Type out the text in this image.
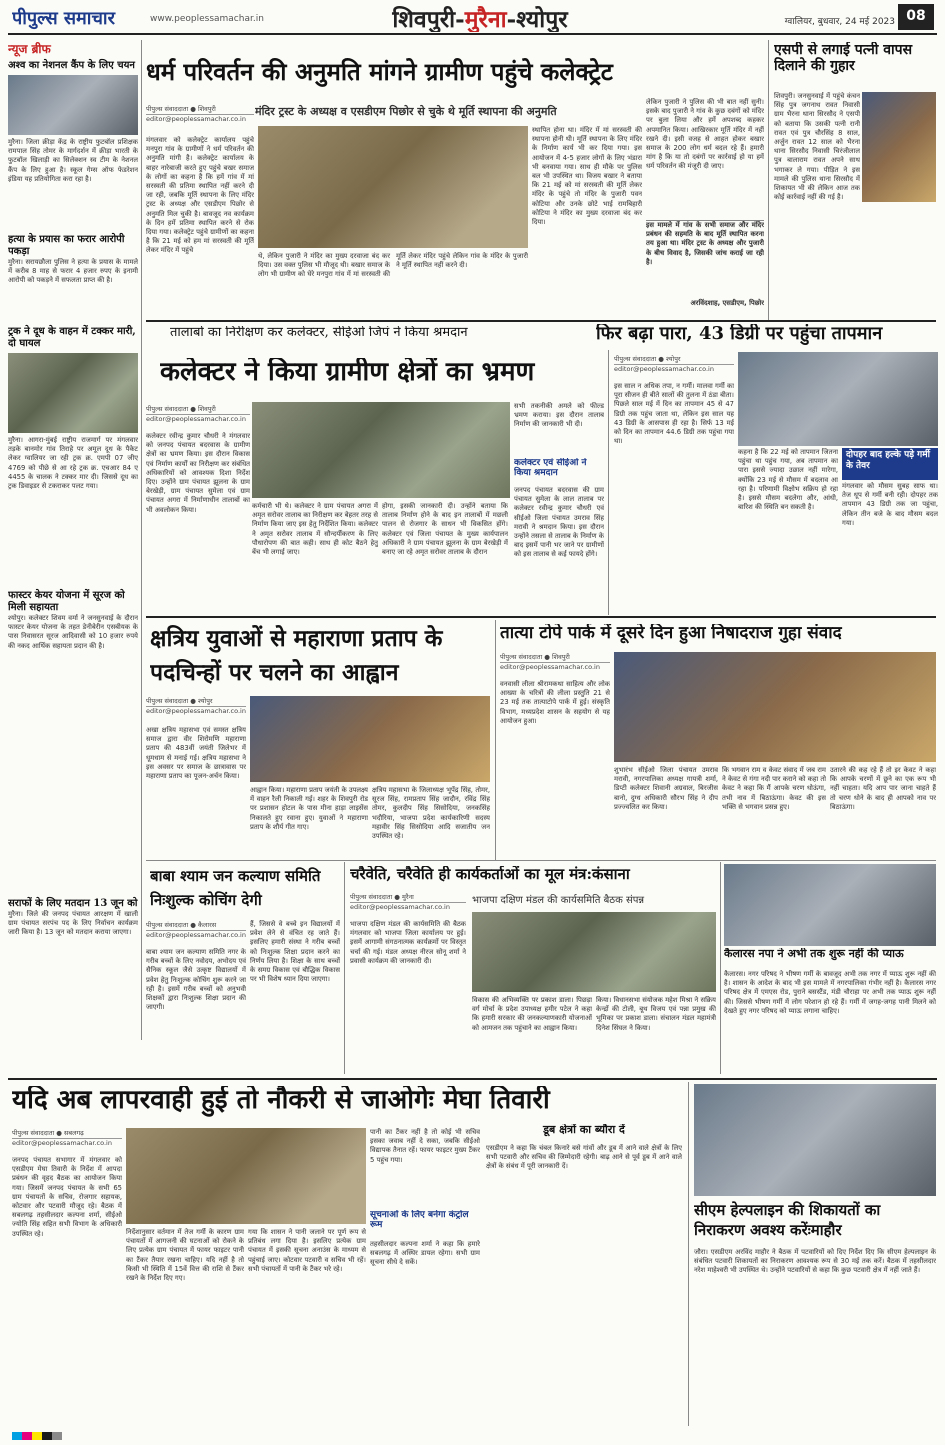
पीपुल्स समाचार	www.peoplessamachar.in	शिवपुरी-मुरैना-श्योपुर	ग्वालियर, बुधवार, 24 मई 2023 08
न्यूज ब्रीफ
अश्व का नेशनल कैंप के लिए चयन
मुरैना। जिला क्रीड़ा केंद्र के राष्ट्रीय फुटबॉल प्रशिक्षक रामपाल सिंह तोमर के मार्गदर्शन में क्रीड़ा भारती के फुटबॉल खिलाड़ी का सिलेक्शन स्व टीम के नेशनल कैंप के लिए हुआ है। स्कूल गेम्स ऑफ फेडरेशन इंडिया यह प्रतियोगिता करा रहा है।
हत्या के प्रयास का फरार आरोपी पकड़ा
मुरैना। सरायछौला पुलिस ने हत्या के प्रयास के मामले में करीब 8 माह से फरार 4 हजार रुपए के इनामी आरोपी को पकड़ने में सफलता प्राप्त की है।
ट्रक ने दूध के वाहन में टक्कर मारी, दो घायल
मुरैना। आगरा-मुंबई राष्ट्रीय राजमार्ग पर मंगलवार तड़के बानमोर गांव तिराहे पर अमूल दूध के पैकेट लेकर ग्वालियर जा रही ट्रक क्र. एमपी 07 जीए 4769 को पीछे से आ रहे ट्रक क्र. एचआर 84 ए 4455 के चालक ने टक्कर मार दी। जिससे दूध का ट्रक डिवाइडर से टकराकर पलट गया।
फास्टर केयर योजना में सूरज को मिली सहायता
श्योपुर। कलेक्टर शिवम वर्मा ने जनसुनवाई के दौरान फास्टर केयर योजना के तहत डेनीबेरीन एसबीयक के पास निवासरत सूरज आदिवासी को 10 हजार रुपये की नकद आर्थिक सहायता प्रदान की है।
सराफों के लिए मतदान 13 जून को
मुरैना। जिले की जनपद पंचायत आरक्षण में खाली ग्राम पंचायत सरपंच पद के लिए निर्वाचन कार्यक्रम जारी किया है। 13 जून को मतदान कराया जाएगा।
धर्म परिवर्तन की अनुमति मांगने ग्रामीण पहुंचे कलेक्ट्रेट
मंदिर ट्रस्ट के अध्यक्ष व एसडीएम पिछोर से चुके थे मूर्ति स्थापना की अनुमति
पीपुल्स संवाददाता ● शिवपुरी
editor@peoplessamachar.co.in
मंगलवार को कलेक्ट्रेट कार्यालय पहुंचे मनपुरा गांव के ग्रामीणों ने धर्म परिवर्तन की अनुमति मांगी है। कलेक्ट्रेट कार्यालय के बाहर नारेबाजी करते हुए पहुंचे बखर समाज के लोगों का कहना है कि हमें गांव में मां सरस्वती की प्रतिमा स्थापित नहीं करने दी जा रही, जबकि मूर्ति स्थापना के लिए मंदिर ट्रस्ट के अध्यक्ष और एसडीएम पिछोर से अनुमति मिल चुकी है। बावजूद नव कार्यक्रम के दिन हमें प्रतिमा स्थापित करने से रोक दिया गया। कलेक्ट्रेट पहुंचे ग्रामीणों का कहना है कि 21 मई को हम मां सरस्वती की मूर्ति लेकर मंदिर में पहुंचे
थे, लेकिन पुजारी ने मंदिर का मुख्य दरवाजा बंद कर दिया। उस वक्त पुलिस भी मौजूद थी। बखार समाज के लोग भी ग्रामीण को घेरे मनपुरा गांव में मां सरस्वती की मूर्ति लेकर मंदिर पहुंचे लेकिन गांव के मंदिर के पुजारी ने मूर्ति स्थापित नहीं करने दी।
स्थापित होना था। मंदिर में मां सरस्वती की स्थापना होनी थी। मूर्ति स्थापना के लिए मंदिर के निर्माण कार्य भी कर दिया गया। इस आयोजन में 4-5 हजार लोगों के लिए भंडारा भी बनवाया गया। साथ ही मौके पर पुलिस बल भी उपस्थित था। विजय बखार ने बताया कि 21 मई को मां सरस्वती की मूर्ति लेकर मंदिर के पहुंचे तो मंदिर के पुजारी पवन कोटिया और उनके छोटे भाई रामबिहारी कोटिया ने मंदिर का मुख्य दरवाजा बंद कर दिया।
लेकिन पुजारी ने पुलिस की भी बात नहीं सुनी। इसके बाद पुजारी ने गांव के कुछ दबंगों को मंदिर पर बुला लिया और हमें अपशब्द कहकर अपमानित किया। आखिरकार मूर्ति मंदिर में नहीं रखने दी। इसी वजह से आहत होकर बखार समाज के 200 लोग धर्म बदल रहे हैं। हमारी मांग है कि या तो दबंगों पर कार्रवाई हो या हमें धर्म परिवर्तन की मंजूरी दी जाए।
इस मामले में गांव के सभी समाज और मंदिर प्रबंधन की सहमति के बाद मूर्ति स्थापित करना तय हुआ था। मंदिर ट्रस्ट के अध्यक्ष और पुजारी के बीच विवाद है, जिसकी जांच कराई जा रही है।
अरविंदशाह, एसडीएम, पिछोर
एसपी से लगाई पत्नी वापस दिलाने की गुहार
शिवपुरी। जनसुनवाई में पहुंचे कंचन सिंह पुत्र जगनाथ रावत निवासी ग्राम भैरना थाना सिरसौद ने एसपी को बताया कि उसकी पत्नी रानी रावत एवं पुत्र चौरसिंह 8 साल, अर्जुन रावत 12 साल को भैरना थाना सिरसौद निवासी चिरंजीलाल पुत्र बालाराम रावत अपने साथ भगाकर ले गया। पीड़ित ने इस मामले की पुलिस थाना सिरसौद में शिकायत भी की लेकिन आज तक कोई कार्रवाई नहीं की गई है।
तालाबों का निरीक्षण कर कलेक्टर, सीईओ जिपं ने किया श्रमदान	फिर बढ़ा पारा, 43 डिग्री पर पहुंचा तापमान
कलेक्टर ने किया ग्रामीण क्षेत्रों का भ्रमण
पीपुल्स संवाददाता ● शिवपुरी
editor@peoplessamachar.co.in
कलेक्टर रवीन्द्र कुमार चौधरी ने मंगलवार को जनपद पंचायत बदरवास के ग्रामीण क्षेत्रों का भ्रमण किया। इस दौरान विकास एवं निर्माण कार्यों का निरीक्षण कर संबंधित अधिकारियों को आवश्यक दिशा निर्देश दिए। उन्होंने ग्राम पंचायत झूलना के ग्राम बेरखेड़ी, ग्राम पंचायत सुमेला एवं ग्राम पंचायत अगरा में निर्माणाधीन तालाबों का भी अवलोकन किया।	कर्मचारी भी थे। कलेक्टर ने ग्राम पंचायत अगरा में अमृत सरोवर तालाब का निरीक्षण कर बेहतर तरह से निर्माण किया जाए इस हेतु निर्देशित किया। कलेक्टर ने अमृत सरोवर तालाब में सौन्दर्यीकरण के लिए पौधारोपण की बात कही। साथ ही कोट बैठने हेतु बेंच भी लगाई जाए।
होगा, इसकी जानकारी दी। उन्होंने बताया कि तालाब निर्माण होने के बाद इन तालाबों में मछली पालन से रोजगार के साधन भी विकसित होंगे। कलेक्टर एवं जिला पंचायत के मुख्य कार्यपालन अधिकारी ने ग्राम पंचायत झूलना के ग्राम बेरखेड़ी में बनाए जा रहे अमृत सरोवर तालाब के दौरान
सभी तकनीकी अमले को फील्ड भ्रमण कराया। इस दौरान तालाब निर्माण की जानकारी भी दी।
कलेक्टर एवं सीईओ ने किया श्रमदान
जनपद पंचायत बदरवास की ग्राम पंचायत सुमेला के लाल तालाब पर कलेक्टर रवीन्द्र कुमार चौधरी एवं सीईओ जिला पंचायत उमराव सिंह मरावी ने श्रमदान किया। इस दौरान उन्होंने तसला से तालाब के निर्माण के बाद इसमें पानी भर जाने पर ग्रामीणों को इस तालाब से कई फायदे होंगे।
पीपुल्स संवाददाता ● श्योपुर
editor@peoplessamachar.co.in
इस साल न अधिक तपा, न गर्मी। मालवा गर्मी का पूरा सीजन ही बीते सालों की तुलना में ठंडा बीता। पिछले साल मई में दिन का तापमान 45 से 47 डिग्री तक पहुंच जाता था, लेकिन इस साल यह 43 डिग्री के आसपास ही रहा है। सिर्फ 13 मई को दिन का तापमान 44.6 डिग्री तक पहुंचा गया था।
कहना है कि 22 मई को तापमान जितना पहुंचा था पहुंच गया, अब तापमान का पारा इससे ज्यादा उछाल नहीं मारेगा, क्योंकि 23 मई से मौसम में बदलाव आ रहा है। परिणामी विक्षोभ सक्रिय हो रहा है। इससे मौसम बदलेगा और, आंधी, बारिश की स्थिति बन सकती है।
दोपहर बाद हल्के पड़े गर्मी के तेवर
मंगलवार को मौसम सुबह साफ था। तेज धूप से गर्मी बनी रही। दोपहर तक तापमान 43 डिग्री तक जा पहुंचा, लेकिन तीन बजे के बाद मौसम बदल गया।
क्षत्रिय युवाओं से महाराणा प्रताप के पदचिन्हों पर चलने का आह्वान
पीपुल्स संवाददाता ● श्योपुर
editor@peoplessamachar.co.in
अखा क्षत्रिय महासभा एवं समस्त क्षत्रिय समाज द्वारा वीर शिरोमणि महाराणा प्रताप की 483वीं जयंती जिलेभर में धूमधाम से मनाई गई। क्षत्रिय महासभा ने इस अवसर पर समाज के छात्रावास पर महाराणा प्रताप का पूजन-अर्चन किया।
आह्वान किया। महाराणा प्रताप जयंती के उपलक्ष्य में वाहन रैली निकाली गई। शहर के शिवपुरी रोड पर प्रशासन होटल के पास मीना हाड़ा लाइसेंस निकालते हुए रवाना हुए। युवाओं ने महाराणा प्रताप के शौर्य गीत गाए।
क्षत्रिय महासभा के जिलाध्यक्ष भूपेंद्र सिंह, तोमर, सूरज सिंह, रामप्रताप सिंह जादौन, रविंद्र सिंह तोमर, कुलदीप सिंह सिसोदिया, जनकसिंह भदौरिया, भाजपा प्रदेश कार्यकारिणी सदस्य महावीर सिंह सिसोदिया आदि सजातीय जन उपस्थित रहे।
तात्या टोपे पार्क में दूसरे दिन हुआ निषादराज गुहा संवाद
पीपुल्स संवाददाता ● शिवपुरी
editor@peoplessamachar.co.in
वनवासी लीला श्रीरामकथा साहित्य और लोक आख्या के चरित्रों की लीला प्रस्तुति 21 से 23 मई तक तात्याटोपे पार्क में हुई। संस्कृति विभाग, मध्यप्रदेश शासन के सहयोग से यह आयोजन हुआ।
शुभारंभ सीईओ जिला पंचायत उमराव मरावी, नगरपालिका अध्यक्ष गायत्री शर्मा, डिप्टी कलेक्टर शिवानी अग्रवाल, बिरजीस बानो, दुग्ध अधिकारी सौरभ सिंह ने दीप प्रज्ज्वलित कर किया।
कि भगवान राम व केवट संवाद में जब राम ने केवट से गंगा नदी पार कराने को कहा तो केवट ने कहा कि मैं आपके चरण धोऊंगा, तभी नाव में बिठाऊंगा। केवट की इस भक्ति से भगवान प्रसन्न हुए।
उतारने की कह रहे हैं तो इर केवट ने कहा कि आपके चरणों में छूने का एक रूप भी नहीं चाहता। यदि आप पार जाना चाहते हैं तो चरण धोने के बाद ही आपको नाव पर बिठाऊंगा।
बाबा श्याम जन कल्याण समिति निःशुल्क कोचिंग देगी
पीपुल्स संवाददाता ● कैलारस
editor@peoplessamachar.co.in
बाबा श्याम जन कल्याण समिति नगर के गरीब बच्चों के लिए नवोदय, अभोदय एवं सैनिक स्कूल जैसे उत्कृष्ट विद्यालयों में प्रवेश हेतु निःशुल्क कोचिंग शुरू करने जा रही है। इसमें गरीब बच्चों को अनुभवी शिक्षकों द्वारा निःशुल्क शिक्षा प्रदान की जाएगी।
हैं, जिससे वे बच्चे इन विद्यालयों में प्रवेश लेने से वंचित रह जाते हैं। इसलिए हमारी संस्था ने गरीब बच्चों को निःशुल्क शिक्षा प्रदान करने का निर्णय लिया है। शिक्षा के साथ बच्चों के समग्र विकास एवं बौद्धिक विकास पर भी विशेष ध्यान दिया जाएगा।
चरैवेति, चरैवेति ही कार्यकर्ताओं का मूल मंत्र:कंसाना
पीपुल्स संवाददाता ● मुरैना
editor@peoplessamachar.co.in
भाजपा दक्षिण मंडल की कार्यसमिति बैठक संपन्न
भाजपा दक्षिण मंडल की कार्यसमिति की बैठक मंगलवार को भाजपा जिला कार्यालय पर हुई। इसमें आगामी संगठनात्मक कार्यक्रमों पर विस्तृत चर्चा की गई। मंडल अध्यक्ष नीरज सोनू शर्मा ने प्रवासी कार्यक्रम की जानकारी दी।
विकास की अभिव्यक्ति पर प्रकाश डाला। पिछड़ा वर्ग मोर्चा के प्रदेश उपाध्यक्ष हमीर पटेल ने कहा कि हमारी सरकार की जनकल्याणकारी योजनाओं को आमजन तक पहुंचाने का आह्वान किया।
किया। विधानसभा संयोजक महेश मिश्रा ने सक्रिय केन्द्रों की टोली, बूथ विजय एवं पन्ना प्रमुख की भूमिका पर प्रकाश डाला। संचालन मंडल महामंत्री दिनेश सिंघल ने किया।
कैलारस नपा ने अभी तक शुरू नहीं की प्याऊ
कैलारस। नगर परिषद ने भीषण गर्मी के बावजूद अभी तक नगर में प्याऊ शुरू नहीं की है। शासन के आदेश के बाद भी इस मामले में नगरपालिका गंभीर नहीं है। कैलारस नगर परिषद क्षेत्र में एमएस रोड, पुराने बसस्टैंड, मंडी चौराहा पर अभी तक प्याऊ शुरू नहीं की। जिससे भीषण गर्मी में लोग परेशान हो रहे हैं। गर्मी में जगह-जगह पानी मिलने को देखते हुए नगर परिषद को प्याऊ लगाना चाहिए।
यदि अब लापरवाही हुई तो नौकरी से जाओगेः मेघा तिवारी
पीपुल्स संवाददाता ● सबलगढ़
editor@peoplessamachar.co.in
जनपद पंचायत सभागार में मंगलवार को एसडीएम मेघा तिवारी के निर्देश में आपदा प्रबंधन की वृहद बैठक का आयोजन किया गया। जिसमें जनपद पंचायत के सभी 65 ग्राम पंचायतों के सचिव, रोजगार सहायक, कोटवार और पटवारी मौजूद रहे। बैठक में सबलगढ़ तहसीलदार कल्पना शर्मा, सीईओ ज्योति सिंह सहित सभी विभाग के अधिकारी उपस्थित रहे।	निर्देशानुसार वर्तमान में तेज गर्मी के कारण ग्राम पंचायतों में आगजनी की घटनाओं को रोकने के लिए प्रत्येक ग्राम पंचायत में फायर फाइटर पानी का टैंकर तैयार रखना चाहिए। यदि नहीं है तो किसी भी स्थिति में 15वें वित्त की राशि से टैंकर रखने के निर्देश दिए गए।
गया कि शासन ने पानी जलाने पर पूर्ण रूप से प्रतिबंध लगा दिया है। इसलिए प्रत्येक ग्राम पंचायत में इसकी सूचना अनाउंस के माध्यम से पहुंचाई जाए। कोटवार पटवारी व सचिव भी रहें। सभी पंचायतों में पानी के टैंकर भरे रहे।
पानी का टैंकर नहीं है तो कोई भी सचिव इसका जवाब नहीं दे सका, जबकि सीईओ विद्यापक तैनात रहें। फायर फाइटर मुख्य टैंकर 5 पहुंच गया।
सूचनाओं के लिए बनेगा कंट्रोल रूम
तहसीलदार कल्पना शर्मा ने कहा कि हमारे सबलगढ़ में अस्थिर डायल रहेगा। सभी ग्राम सूचना सीधे दे सकें।
डूब क्षेत्रों का ब्यौरा दें
एसडीएम ने कहा कि चंबल किनारे बसे गांवों और डूब में आने वाले क्षेत्रों के लिए सभी पटवारी और सचिव की जिम्मेदारी रहेगी। बाढ़ आने से पूर्व डूब में आने वाले क्षेत्रों के संबंध में पूरी जानकारी दें।
सीएम हेल्पलाइन की शिकायतों का निराकरण अवश्य करेंःमाहौर
जौरा। एसडीएम अरविंद माहौर ने बैठक में पटवारियों को दिए निर्देश दिए कि सीएम हेल्पलाइन के संबंधित पटवारी शिकायतों का निराकरण आवश्यक रूप से 30 मई तक करें। बैठक में तहसीलदार नरेश माहेश्वरी भी उपस्थित थे। उन्होंने पटवारियों से कहा कि कुछ पटवारी क्षेत्र में नहीं जाते हैं।
